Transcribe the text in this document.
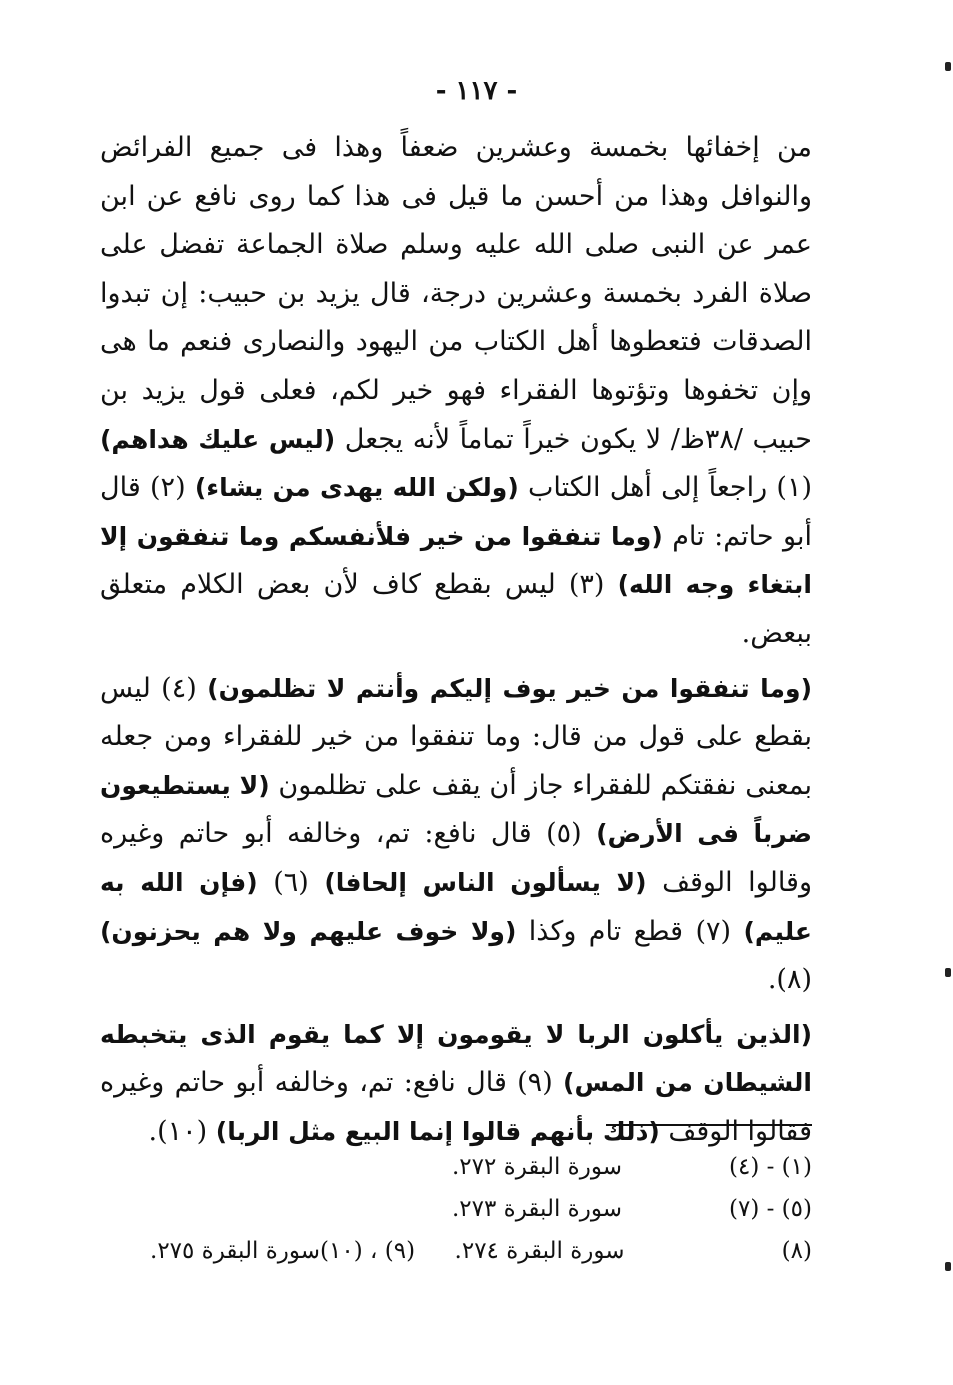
- ١١٧ -

من إخفائها بخمسة وعشرين ضعفاً وهذا فى جميع الفرائض والنوافل وهذا من أحسن ما قيل فى هذا كما روى نافع عن ابن عمر عن النبى صلى الله عليه وسلم صلاة الجماعة تفضل على صلاة الفرد بخمسة وعشرين درجة، قال يزيد بن حبيب: إن تبدوا الصدقات فتعطوها أهل الكتاب من اليهود والنصارى فنعم ما هى وإن تخفوها وتؤتوها الفقراء فهو خير لكم، فعلى قول يزيد بن حبيب /٣٨ظ/ لا يكون خيراً تماماً لأنه يجعل (ليس عليك هداهم) (١) راجعاً إلى أهل الكتاب (ولكن الله يهدى من يشاء) (٢) قال أبو حاتم: تام (وما تنفقوا من خير فلأنفسكم وما تنفقون إلا ابتغاء وجه الله) (٣) ليس بقطع كاف لأن بعض الكلام متعلق ببعض.

(وما تنفقوا من خير يوف إليكم وأنتم لا تظلمون) (٤) ليس بقطع على قول من قال: وما تنفقوا من خير للفقراء ومن جعله بمعنى نفقتكم للفقراء جاز أن يقف على تظلمون (لا يستطيعون ضرباً فى الأرض) (٥) قال نافع: تم، وخالفه أبو حاتم وغيره وقالوا الوقف (لا يسألون الناس إلحافا) (٦) (فإن الله به عليم) (٧) قطع تام وكذا (ولا خوف عليهم ولا هم يحزنون) (٨).

(الذين يأكلون الربا لا يقومون إلا كما يقوم الذى يتخبطه الشيطان من المس) (٩) قال نافع: تم، وخالفه أبو حاتم وغيره فقالوا الوقف (ذلك بأنهم قالوا إنما البيع مثل الربا) (١٠).

(١) - (٤)
سورة البقرة ٢٧٢.
(٥) - (٧)
سورة البقرة ٢٧٣.
(٨)
سورة البقرة ٢٧٤.
(٩) ، (١٠)سورة البقرة ٢٧٥.
